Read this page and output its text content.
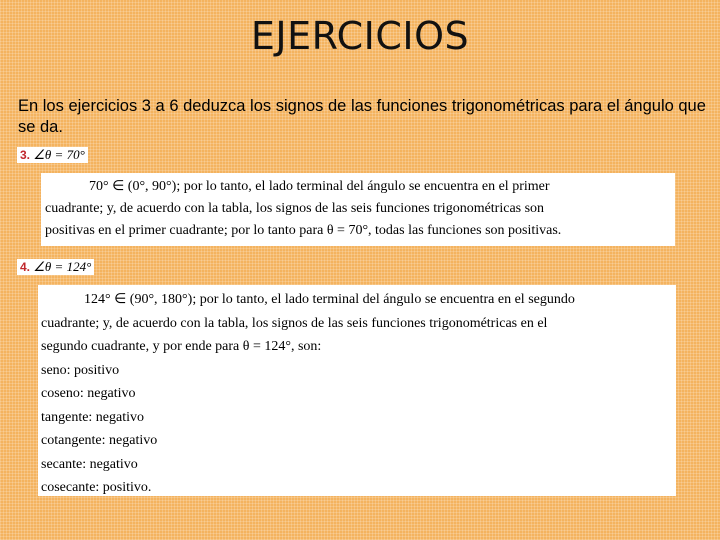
EJERCICIOS
En los ejercicios 3 a 6 deduzca los signos de las funciones trigonométricas para el ángulo que se da.
3. ∠θ = 70°

70° ∈ (0°, 90°); por lo tanto, el lado terminal del ángulo se encuentra en el primer

cuadrante; y, de acuerdo con la tabla, los signos de las seis funciones trigonométricas son

positivas en el primer cuadrante; por lo tanto para θ = 70°, todas las funciones son positivas.

4. ∠θ = 124°

124° ∈ (90°, 180°); por lo tanto, el lado terminal del ángulo se encuentra en el segundo

cuadrante; y, de acuerdo con la tabla, los signos de las seis funciones trigonométricas en el

segundo cuadrante, y por ende para θ = 124°, son:

seno: positivo

coseno: negativo

tangente: negativo

cotangente: negativo

secante: negativo

cosecante: positivo.
